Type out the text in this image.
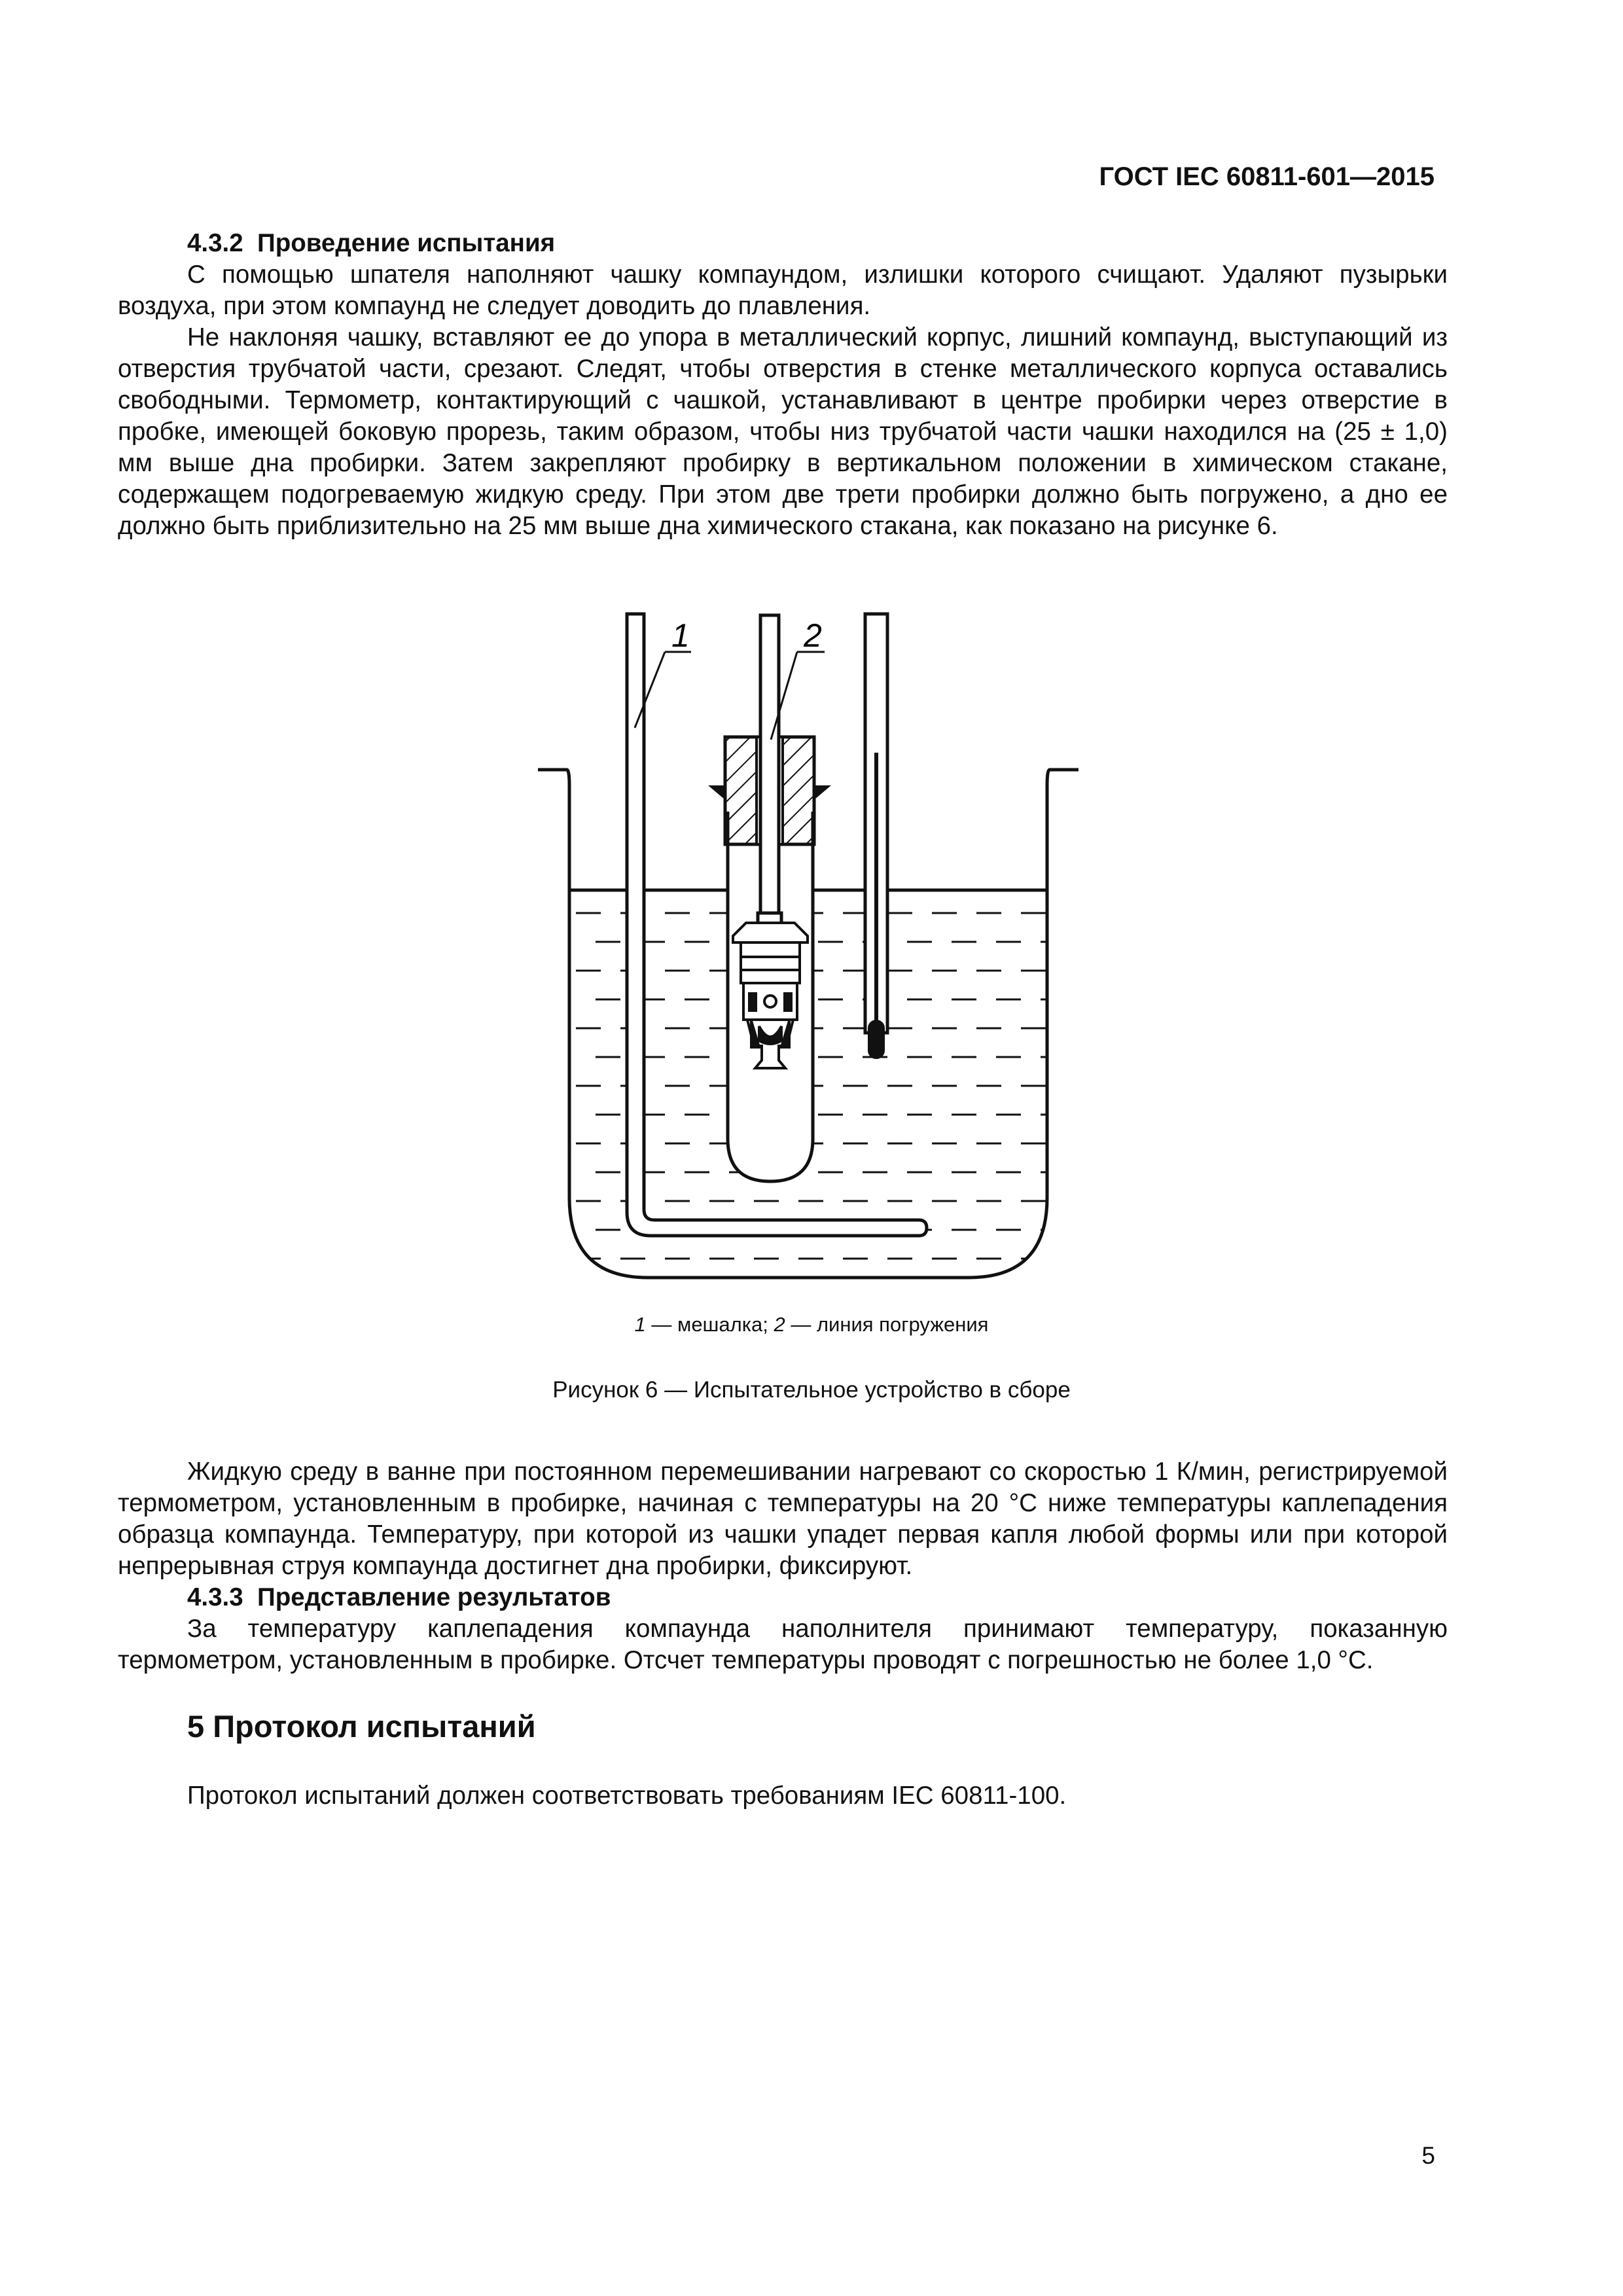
ГОСТ IEC 60811-601—2015

4.3.2 Проведение испытания

С помощью шпателя наполняют чашку компаундом, излишки которого счищают. Удаляют пузырьки воздуха, при этом компаунд не следует доводить до плавления.

Не наклоняя чашку, вставляют ее до упора в металлический корпус, лишний компаунд, выступающий из отверстия трубчатой части, срезают. Следят, чтобы отверстия в стенке металлического корпуса оставались свободными. Термометр, контактирующий с чашкой, устанавливают в центре пробирки через отверстие в пробке, имеющей боковую прорезь, таким образом, чтобы низ трубчатой части чашки находился на (25 ± 1,0) мм выше дна пробирки. Затем закрепляют пробирку в вертикальном положении в химическом стакане, содержащем подогреваемую жидкую среду. При этом две трети пробирки должно быть погружено, а дно ее должно быть приблизительно на 25 мм выше дна химического стакана, как показано на рисунке 6.

1	2
1 — мешалка; 2 — линия погружения
Рисунок 6 — Испытательное устройство в сборе

Жидкую среду в ванне при постоянном перемешивании нагревают со скоростью 1 К/мин, регистрируемой термометром, установленным в пробирке, начиная с температуры на 20 °С ниже температуры каплепадения образца компаунда. Температуру, при которой из чашки упадет первая капля любой формы или при которой непрерывная струя компаунда достигнет дна пробирки, фиксируют.

4.3.3 Представление результатов

За температуру каплепадения компаунда наполнителя принимают температуру, показанную термометром, установленным в пробирке. Отсчет температуры проводят с погрешностью не более 1,0 °С.

5 Протокол испытаний

Протокол испытаний должен соответствовать требованиям IEC 60811-100.

5
